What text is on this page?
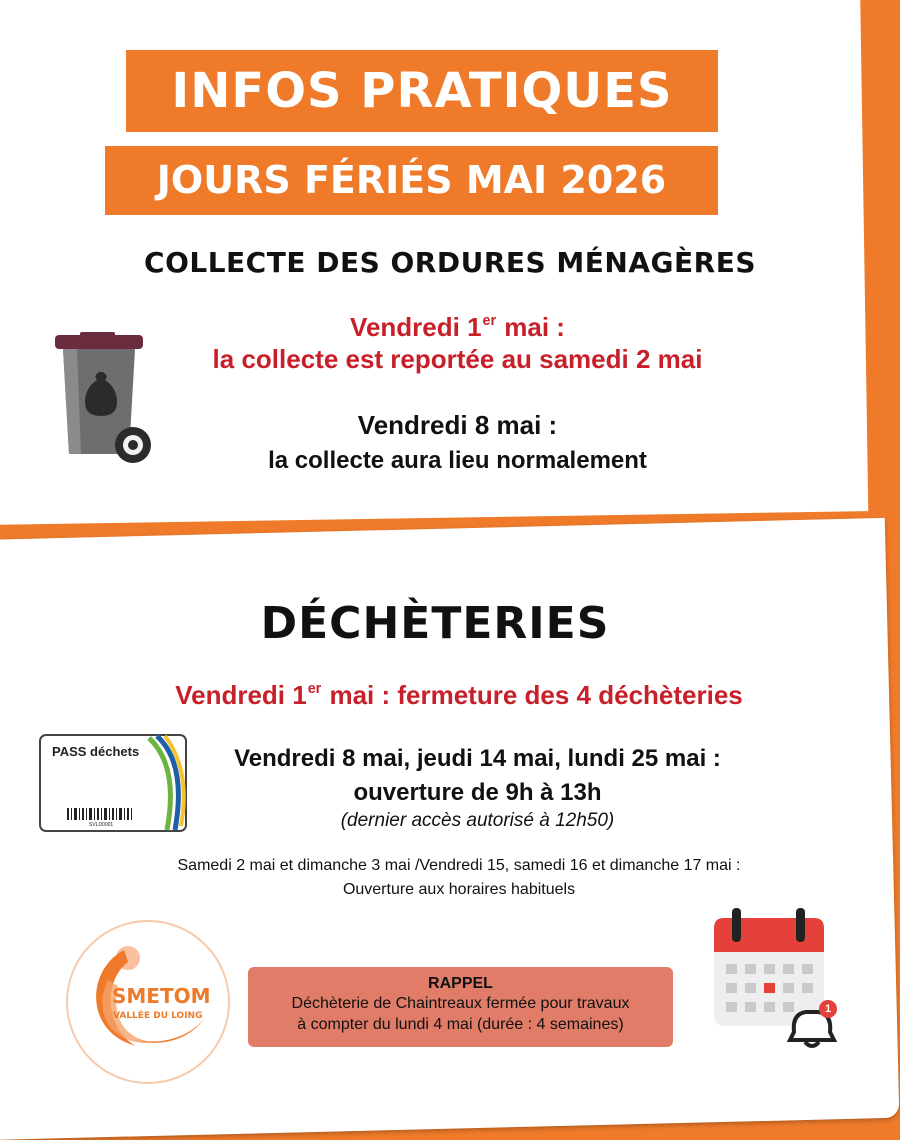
INFOS PRATIQUES
JOURS FÉRIÉS MAI 2026
COLLECTE DES ORDURES MÉNAGÈRES
Vendredi 1er mai :
la collecte est reportée au samedi 2 mai
Vendredi 8 mai :
la collecte aura lieu normalement
DÉCHÈTERIES
Vendredi 1er mai : fermeture des 4 déchèteries
PASS déchets
SVLD0001
Vendredi 8 mai, jeudi 14 mai, lundi 25 mai :
ouverture de 9h à 13h
(dernier accès autorisé à 12h50)
Samedi 2 mai et dimanche 3 mai /Vendredi 15, samedi 16 et dimanche 17 mai :
Ouverture aux horaires habituels
SMETOM
VALLÉE DU LOING
RAPPEL
Déchèterie de Chaintreaux fermée pour travaux
à compter du lundi 4 mai (durée : 4 semaines)
1
